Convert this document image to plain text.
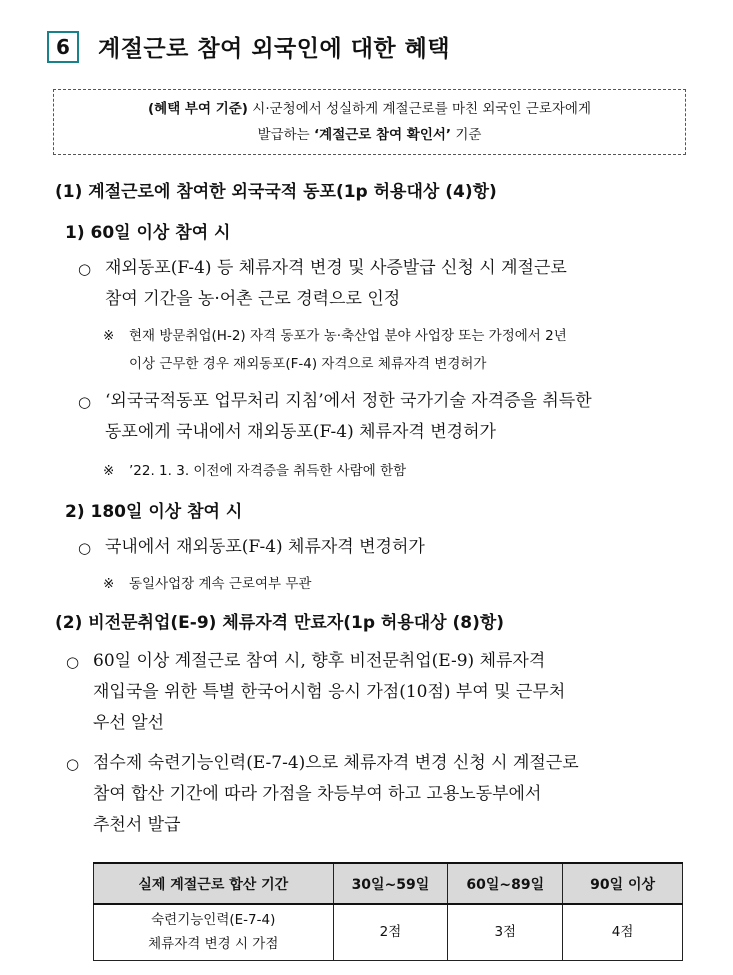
6	계절근로 참여 외국인에 대한 혜택
(혜택 부여 기준) 시·군청에서 성실하게 계절근로를 마친 외국인 근로자에게
발급하는 ‘계절근로 참여 확인서’ 기준
(1) 계절근로에 참여한 외국국적 동포(1p 허용대상 (4)항)
1) 60일 이상 참여 시
○ 재외동포(F-4) 등 체류자격 변경 및 사증발급 신청 시 계절근로
참여 기간을 농·어촌 근로 경력으로 인정
※ 현재 방문취업(H-2) 자격 동포가 농·축산업 분야 사업장 또는 가정에서 2년
이상 근무한 경우 재외동포(F-4) 자격으로 체류자격 변경허가
○ ‘외국국적동포 업무처리 지침’에서 정한 국가기술 자격증을 취득한
동포에게 국내에서 재외동포(F-4) 체류자격 변경허가
※ ’22. 1. 3. 이전에 자격증을 취득한 사람에 한함
2) 180일 이상 참여 시
○ 국내에서 재외동포(F-4) 체류자격 변경허가
※ 동일사업장 계속 근로여부 무관
(2) 비전문취업(E-9) 체류자격 만료자(1p 허용대상 (8)항)
○ 60일 이상 계절근로 참여 시, 향후 비전문취업(E-9) 체류자격
재입국을 위한 특별 한국어시험 응시 가점(10점) 부여 및 근무처
우선 알선
○ 점수제 숙련기능인력(E-7-4)으로 체류자격 변경 신청 시 계절근로
참여 합산 기간에 따라 가점을 차등부여 하고 고용노동부에서
추천서 발급
실제 계절근로 합산 기간	30일~59일	60일~89일	90일 이상

숙련기능인력(E-7-4)
체류자격 변경 시 가점	2점	3점	4점
